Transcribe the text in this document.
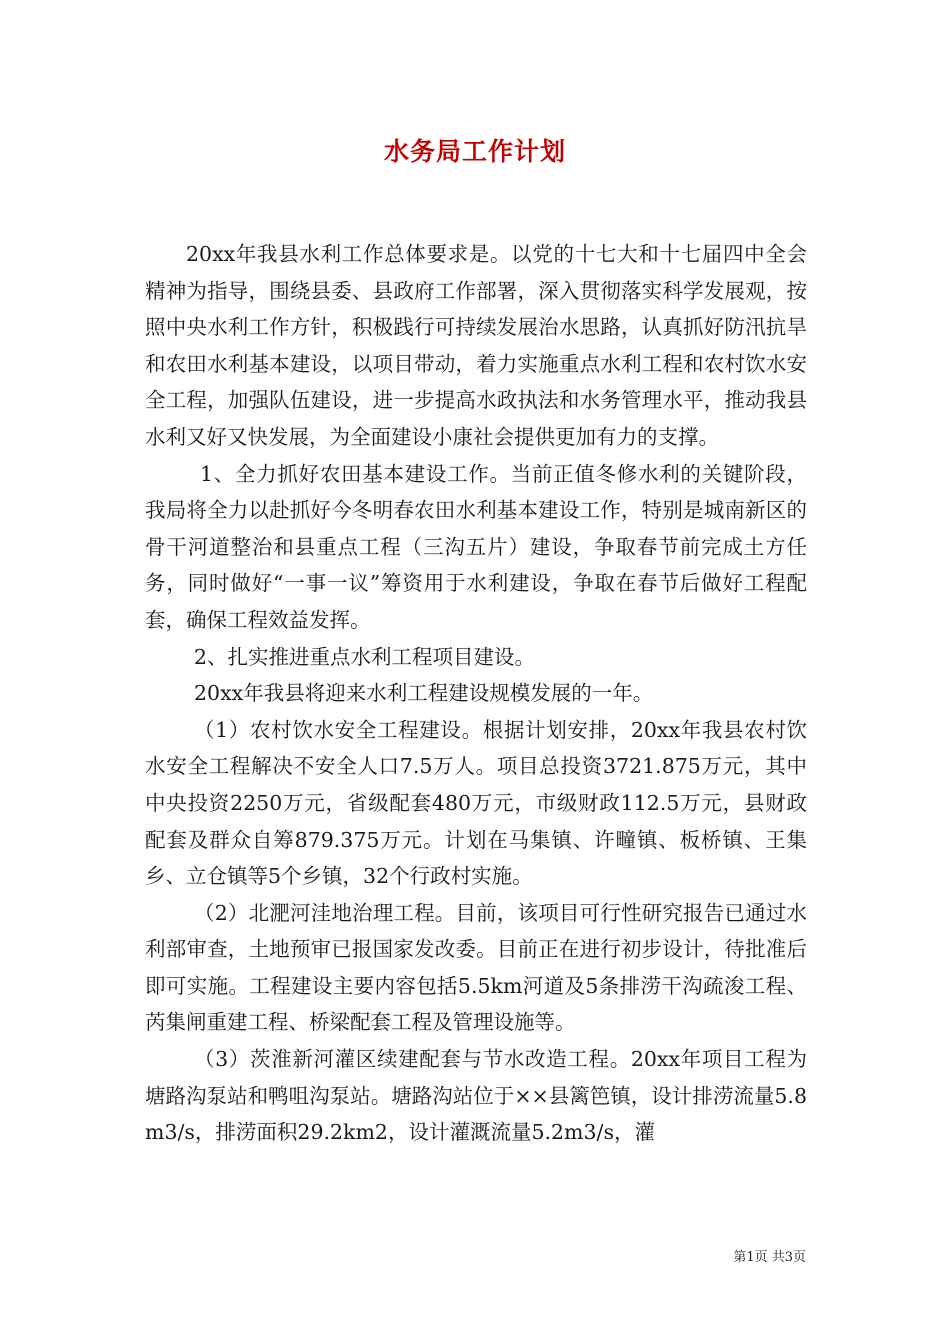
水务局工作计划

20xx年我县水利工作总体要求是。以党的十七大和十七届四中全会精神为指导，围绕县委、县政府工作部署，深入贯彻落实科学发展观，按照中央水利工作方针，积极践行可持续发展治水思路，认真抓好防汛抗旱和农田水利基本建设，以项目带动，着力实施重点水利工程和农村饮水安全工程，加强队伍建设，进一步提高水政执法和水务管理水平，推动我县水利又好又快发展，为全面建设小康社会提供更加有力的支撑。

1、全力抓好农田基本建设工作。当前正值冬修水利的关键阶段，我局将全力以赴抓好今冬明春农田水利基本建设工作，特别是城南新区的骨干河道整治和县重点工程（三沟五片）建设，争取春节前完成土方任务，同时做好“一事一议”筹资用于水利建设，争取在春节后做好工程配套，确保工程效益发挥。

2、扎实推进重点水利工程项目建设。

20xx年我县将迎来水利工程建设规模发展的一年。

（1）农村饮水安全工程建设。根据计划安排，20xx年我县农村饮水安全工程解决不安全人口7.5万人。项目总投资3721.875万元，其中中央投资2250万元，省级配套480万元，市级财政112.5万元，县财政配套及群众自筹879.375万元。计划在马集镇、许疃镇、板桥镇、王集乡、立仓镇等5个乡镇，32个行政村实施。

（2）北淝河洼地治理工程。目前，该项目可行性研究报告已通过水利部审查，土地预审已报国家发改委。目前正在进行初步设计，待批准后即可实施。工程建设主要内容包括5.5km河道及5条排涝干沟疏浚工程、芮集闸重建工程、桥梁配套工程及管理设施等。

（3）茨淮新河灌区续建配套与节水改造工程。20xx年项目工程为塘路沟泵站和鸭咀沟泵站。塘路沟站位于××县篱笆镇，设计排涝流量5.8m3/s，排涝面积29.2km2，设计灌溉流量5.2m3/s，灌

第1页 共3页
